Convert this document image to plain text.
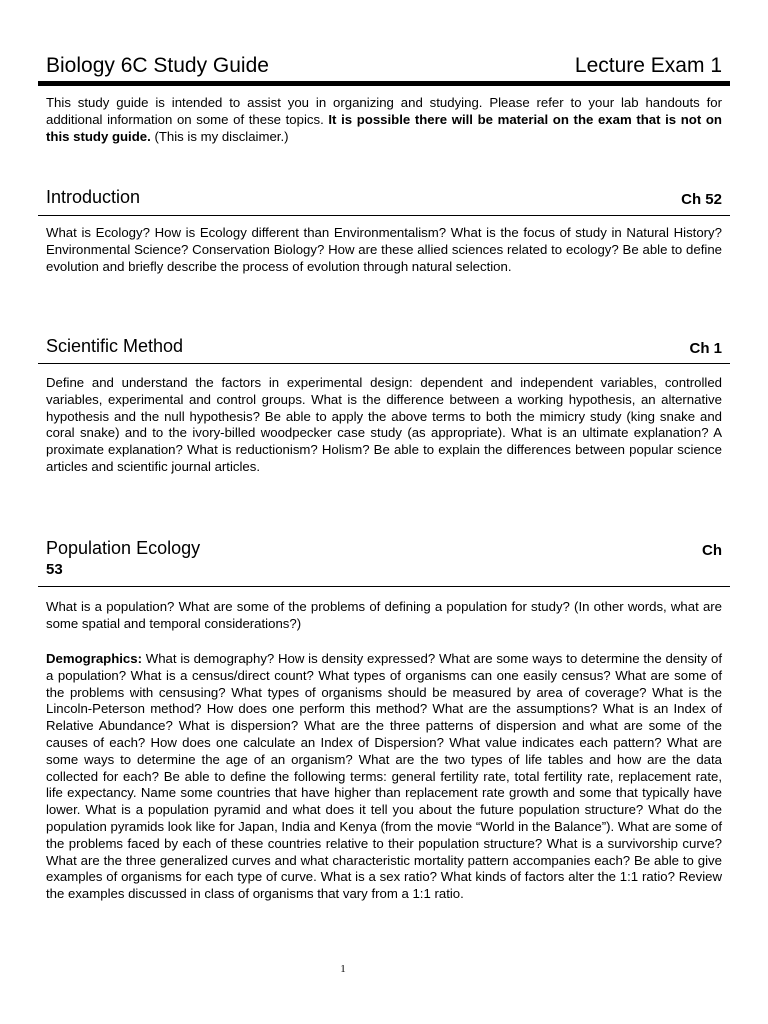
Biology 6C Study Guide	Lecture Exam 1

This study guide is intended to assist you in organizing and studying. Please refer to your lab handouts for additional information on some of these topics. It is possible there will be material on the exam that is not on this study guide. (This is my disclaimer.)

Introduction	Ch 52

What is Ecology? How is Ecology different than Environmentalism? What is the focus of study in Natural History? Environmental Science? Conservation Biology? How are these allied sciences related to ecology? Be able to define evolution and briefly describe the process of evolution through natural selection.

Scientific Method	Ch 1

Define and understand the factors in experimental design: dependent and independent variables, controlled variables, experimental and control groups. What is the difference between a working hypothesis, an alternative hypothesis and the null hypothesis? Be able to apply the above terms to both the mimicry study (king snake and coral snake) and to the ivory-billed woodpecker case study (as appropriate). What is an ultimate explanation? A proximate explanation? What is reductionism? Holism? Be able to explain the differences between popular science articles and scientific journal articles.

Population Ecology	Ch
53

What is a population? What are some of the problems of defining a population for study? (In other words, what are some spatial and temporal considerations?)

Demographics: What is demography? How is density expressed? What are some ways to determine the density of a population? What is a census/direct count? What types of organisms can one easily census? What are some of the problems with censusing? What types of organisms should be measured by area of coverage? What is the Lincoln-Peterson method? How does one perform this method? What are the assumptions? What is an Index of Relative Abundance? What is dispersion? What are the three patterns of dispersion and what are some of the causes of each? How does one calculate an Index of Dispersion? What value indicates each pattern? What are some ways to determine the age of an organism? What are the two types of life tables and how are the data collected for each? Be able to define the following terms: general fertility rate, total fertility rate, replacement rate, life expectancy. Name some countries that have higher than replacement rate growth and some that typically have lower. What is a population pyramid and what does it tell you about the future population structure? What do the population pyramids look like for Japan, India and Kenya (from the movie “World in the Balance”). What are some of the problems faced by each of these countries relative to their population structure? What is a survivorship curve? What are the three generalized curves and what characteristic mortality pattern accompanies each? Be able to give examples of organisms for each type of curve. What is a sex ratio? What kinds of factors alter the 1:1 ratio? Review the examples discussed in class of organisms that vary from a 1:1 ratio.

1
